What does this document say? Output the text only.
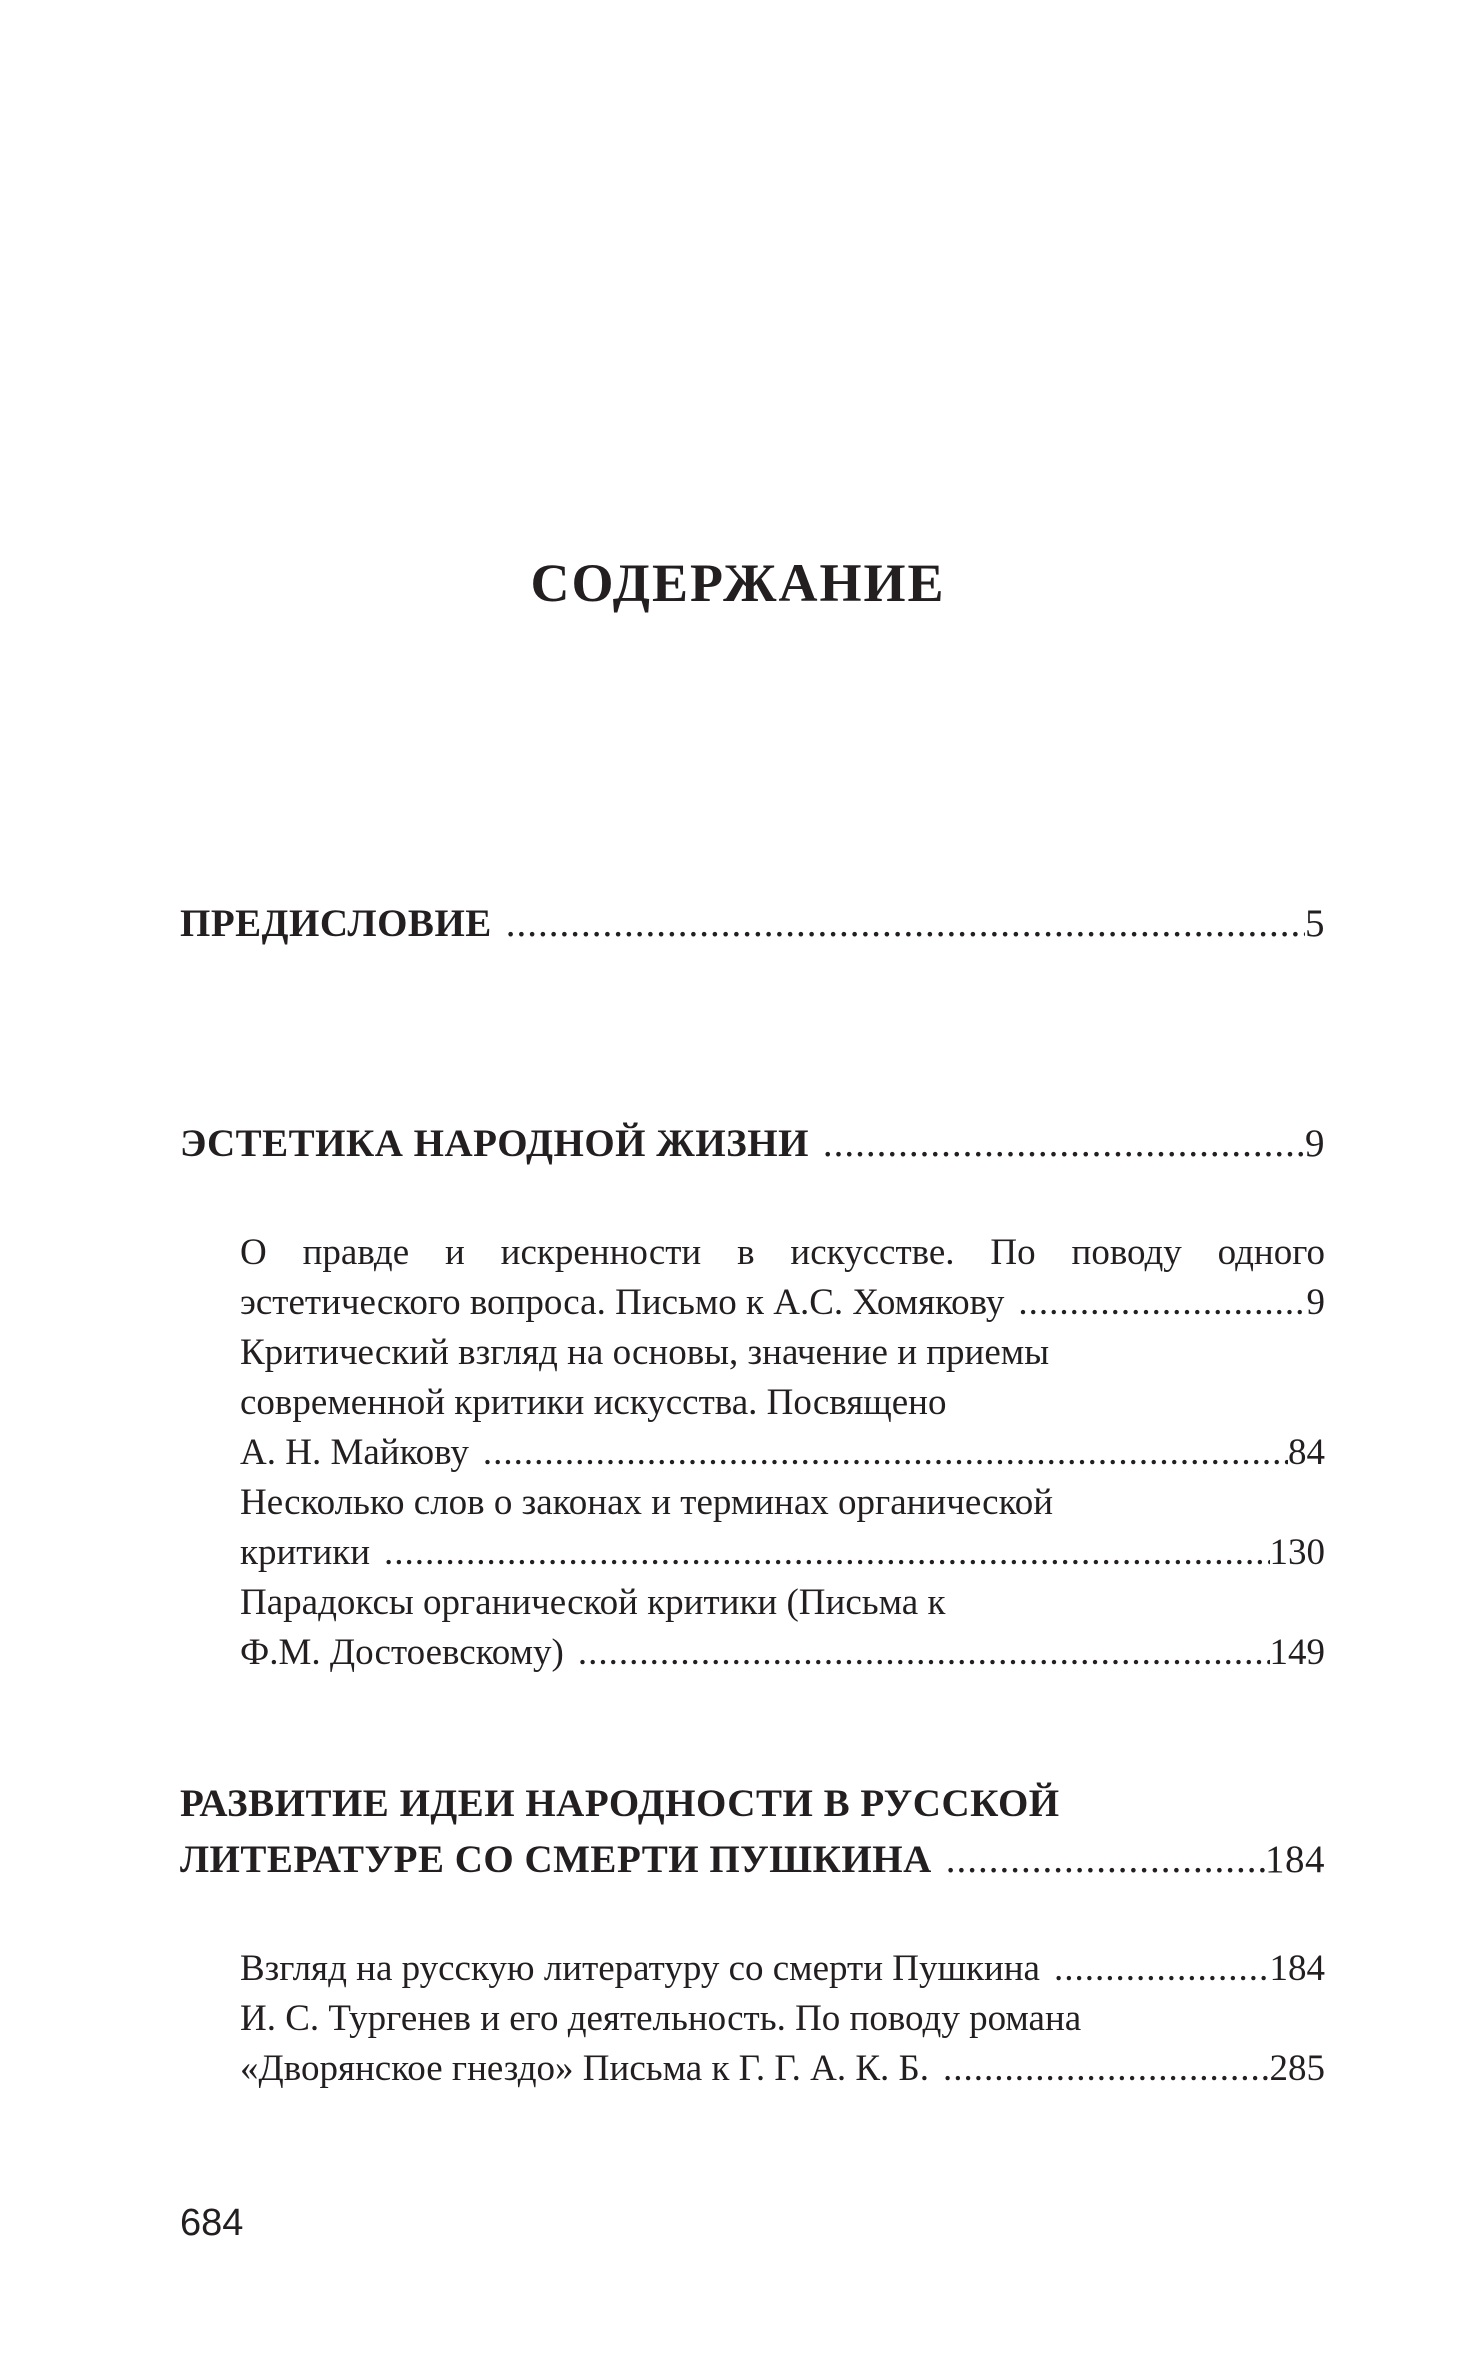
СОДЕРЖАНИЕ
ПРЕДИСЛОВИЕ .....	5
ЭСТЕТИКА НАРОДНОЙ ЖИЗНИ .....	9
О правде и искренности в искусстве. По поводу одного
эстетического вопроса. Письмо к А.С. Хомякову .....	9
Критический взгляд на основы, значение и приемы
современной критики искусства. Посвящено
А. Н. Майкову .....	84
Несколько слов о законах и терминах органической
критики .....	130
Парадоксы органической критики (Письма к
Ф.М. Достоевскому) .....	149
РАЗВИТИЕ ИДЕИ НАРОДНОСТИ В РУССКОЙ
ЛИТЕРАТУРЕ СО СМЕРТИ ПУШКИНА .....	184
Взгляд на русскую литературу со смерти Пушкина .....	184
И. С. Тургенев и его деятельность. По поводу романа
«Дворянское гнездо» Письма к Г. Г. А. К. Б. .....	285
684
